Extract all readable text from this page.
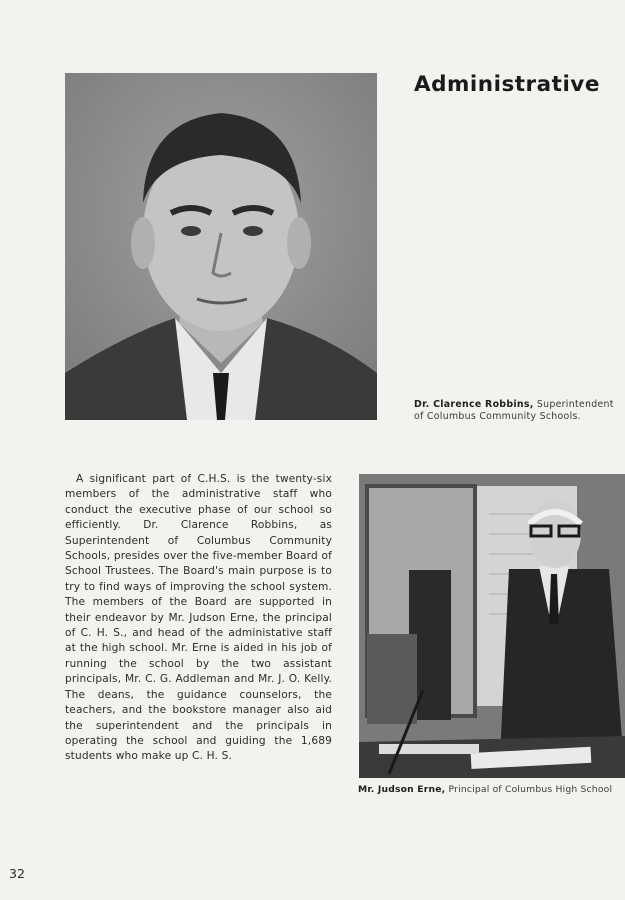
Administrative
Dr. Clarence Robbins, Superintendent of Columbus Community Schools.
A significant part of C.H.S. is the twenty-six members of the administrative staff who conduct the executive phase of our school so efficiently. Dr. Clarence Robbins, as Superintendent of Columbus Community Schools, presides over the five-member Board of School Trustees. The Board's main purpose is to try to find ways of improving the school system. The members of the Board are supported in their endeavor by Mr. Judson Erne, the principal of C. H. S., and head of the administative staff at the high school. Mr. Erne is aided in his job of running the school by the two assistant principals, Mr. C. G. Addleman and Mr. J. O. Kelly. The deans, the guidance counselors, the teachers, and the bookstore manager also aid the superintendent and the principals in operating the school and guiding the 1,689 students who make up C. H. S.
Mr. Judson Erne, Principal of Columbus High School
32
